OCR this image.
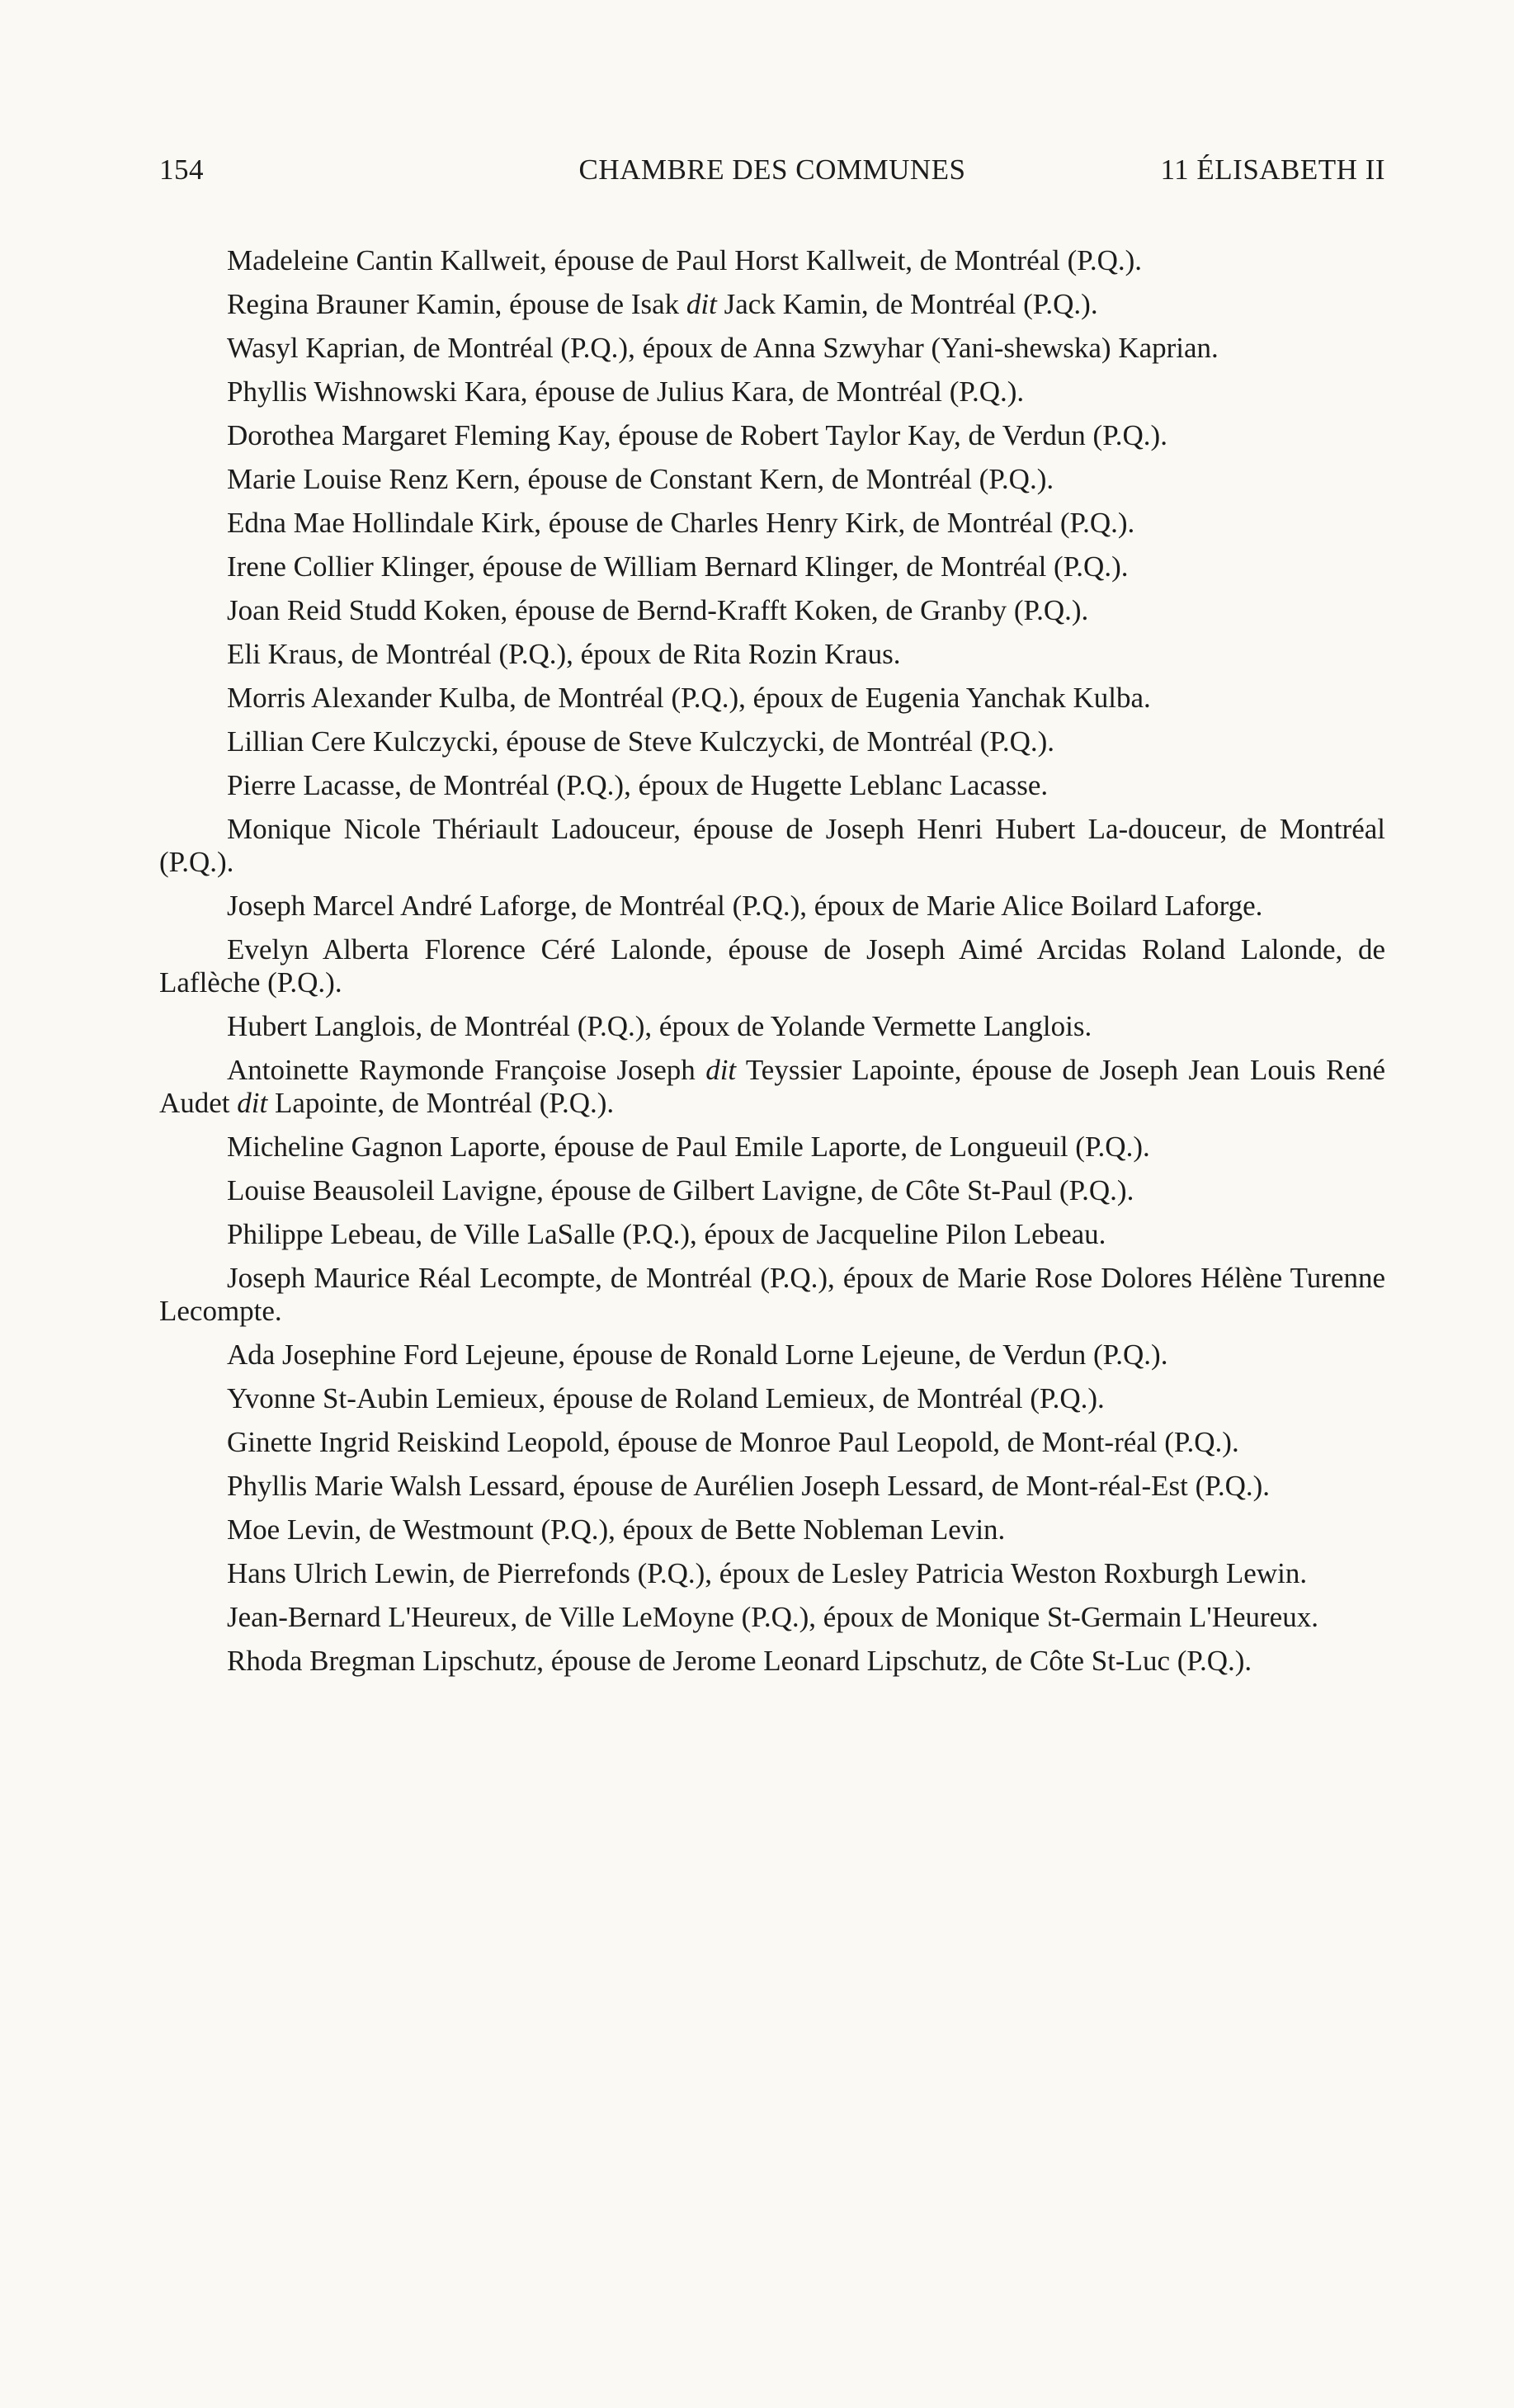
154	CHAMBRE DES COMMUNES	11 ÉLISABETH II

Madeleine Cantin Kallweit, épouse de Paul Horst Kallweit, de Montréal (P.Q.).

Regina Brauner Kamin, épouse de Isak dit Jack Kamin, de Montréal (P.Q.).

Wasyl Kaprian, de Montréal (P.Q.), époux de Anna Szwyhar (Yani-shewska) Kaprian.

Phyllis Wishnowski Kara, épouse de Julius Kara, de Montréal (P.Q.).

Dorothea Margaret Fleming Kay, épouse de Robert Taylor Kay, de Verdun (P.Q.).

Marie Louise Renz Kern, épouse de Constant Kern, de Montréal (P.Q.).

Edna Mae Hollindale Kirk, épouse de Charles Henry Kirk, de Montréal (P.Q.).

Irene Collier Klinger, épouse de William Bernard Klinger, de Montréal (P.Q.).

Joan Reid Studd Koken, épouse de Bernd-Krafft Koken, de Granby (P.Q.).

Eli Kraus, de Montréal (P.Q.), époux de Rita Rozin Kraus.

Morris Alexander Kulba, de Montréal (P.Q.), époux de Eugenia Yanchak Kulba.

Lillian Cere Kulczycki, épouse de Steve Kulczycki, de Montréal (P.Q.).

Pierre Lacasse, de Montréal (P.Q.), époux de Hugette Leblanc Lacasse.

Monique Nicole Thériault Ladouceur, épouse de Joseph Henri Hubert La-douceur, de Montréal (P.Q.).

Joseph Marcel André Laforge, de Montréal (P.Q.), époux de Marie Alice Boilard Laforge.

Evelyn Alberta Florence Céré Lalonde, épouse de Joseph Aimé Arcidas Roland Lalonde, de Laflèche (P.Q.).

Hubert Langlois, de Montréal (P.Q.), époux de Yolande Vermette Langlois.

Antoinette Raymonde Françoise Joseph dit Teyssier Lapointe, épouse de Joseph Jean Louis René Audet dit Lapointe, de Montréal (P.Q.).

Micheline Gagnon Laporte, épouse de Paul Emile Laporte, de Longueuil (P.Q.).

Louise Beausoleil Lavigne, épouse de Gilbert Lavigne, de Côte St-Paul (P.Q.).

Philippe Lebeau, de Ville LaSalle (P.Q.), époux de Jacqueline Pilon Lebeau.

Joseph Maurice Réal Lecompte, de Montréal (P.Q.), époux de Marie Rose Dolores Hélène Turenne Lecompte.

Ada Josephine Ford Lejeune, épouse de Ronald Lorne Lejeune, de Verdun (P.Q.).

Yvonne St-Aubin Lemieux, épouse de Roland Lemieux, de Montréal (P.Q.).

Ginette Ingrid Reiskind Leopold, épouse de Monroe Paul Leopold, de Mont-réal (P.Q.).

Phyllis Marie Walsh Lessard, épouse de Aurélien Joseph Lessard, de Mont-réal-Est (P.Q.).

Moe Levin, de Westmount (P.Q.), époux de Bette Nobleman Levin.

Hans Ulrich Lewin, de Pierrefonds (P.Q.), époux de Lesley Patricia Weston Roxburgh Lewin.

Jean-Bernard L'Heureux, de Ville LeMoyne (P.Q.), époux de Monique St-Germain L'Heureux.

Rhoda Bregman Lipschutz, épouse de Jerome Leonard Lipschutz, de Côte St-Luc (P.Q.).
